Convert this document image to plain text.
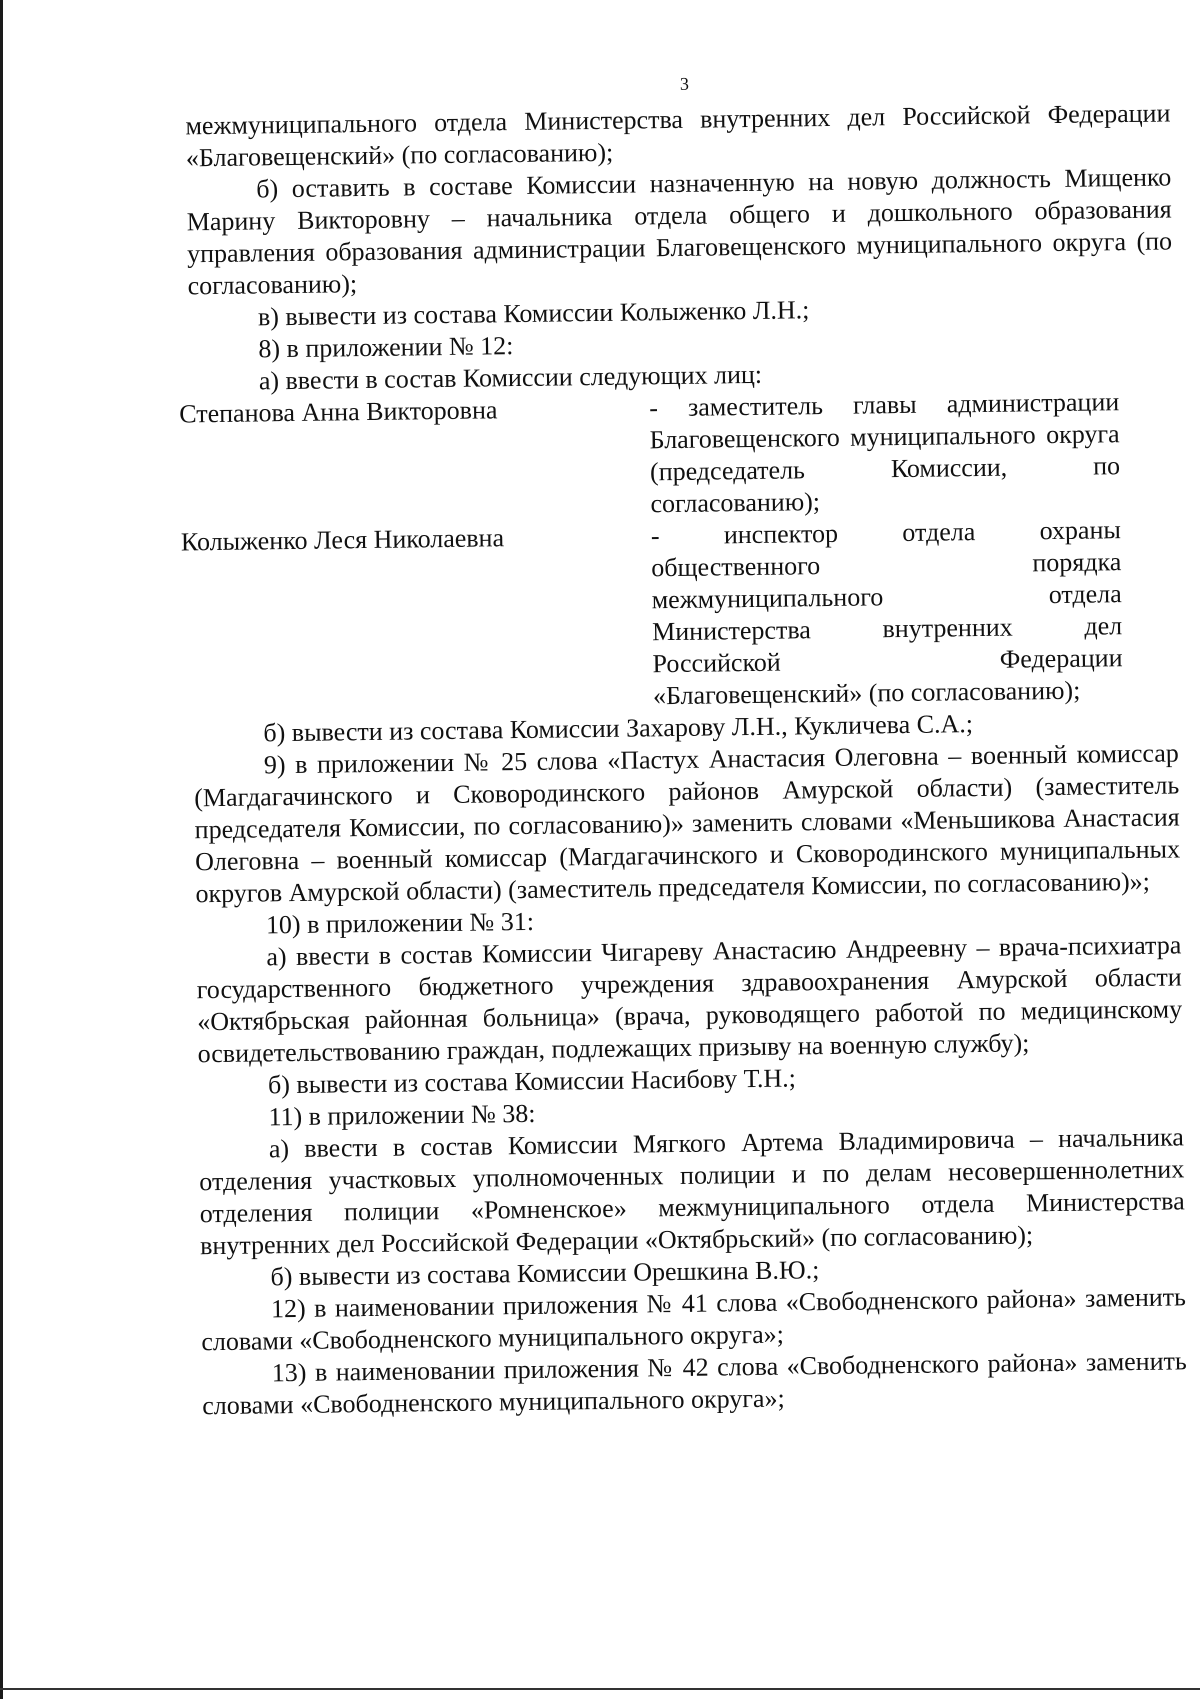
3

межмуниципального отдела Министерства внутренних дел Российской Федерации «Благовещенский» (по согласованию);

б) оставить в составе Комиссии назначенную на новую должность Мищенко Марину Викторовну – начальника отдела общего и дошкольного образования управления образования администрации Благовещенского муниципального округа (по согласованию);

в) вывести из состава Комиссии Колыженко Л.Н.;

8) в приложении № 12:

а) ввести в состав Комиссии следующих лиц:

Степанова Анна Викторовна	- заместитель главы администрации Благовещенского муниципального округа (председатель Комиссии, по согласованию);
Колыженко Леся Николаевна	- инспектор отдела охраны общественного порядка межмуниципального отдела Министерства внутренних дел Российской Федерации «Благовещенский» (по согласованию);

б) вывести из состава Комиссии Захарову Л.Н., Кукличева С.А.;

9) в приложении № 25 слова «Пастух Анастасия Олеговна – военный комиссар (Магдагачинского и Сковородинского районов Амурской области) (заместитель председателя Комиссии, по согласованию)» заменить словами «Меньшикова Анастасия Олеговна – военный комиссар (Магдагачинского и Сковородинского муниципальных округов Амурской области) (заместитель председателя Комиссии, по согласованию)»;

10) в приложении № 31:

а) ввести в состав Комиссии Чигареву Анастасию Андреевну – врача-психиатра государственного бюджетного учреждения здравоохранения Амурской области «Октябрьская районная больница» (врача, руководящего работой по медицинскому освидетельствованию граждан, подлежащих призыву на военную службу);

б) вывести из состава Комиссии Насибову Т.Н.;

11) в приложении № 38:

а) ввести в состав Комиссии Мягкого Артема Владимировича – начальника отделения участковых уполномоченных полиции и по делам несовершеннолетних отделения полиции «Ромненское» межмуниципального отдела Министерства внутренних дел Российской Федерации «Октябрьский» (по согласованию);

б) вывести из состава Комиссии Орешкина В.Ю.;

12) в наименовании приложения № 41 слова «Свободненского района» заменить словами «Свободненского муниципального округа»;

13) в наименовании приложения № 42 слова «Свободненского района» заменить словами «Свободненского муниципального округа»;
